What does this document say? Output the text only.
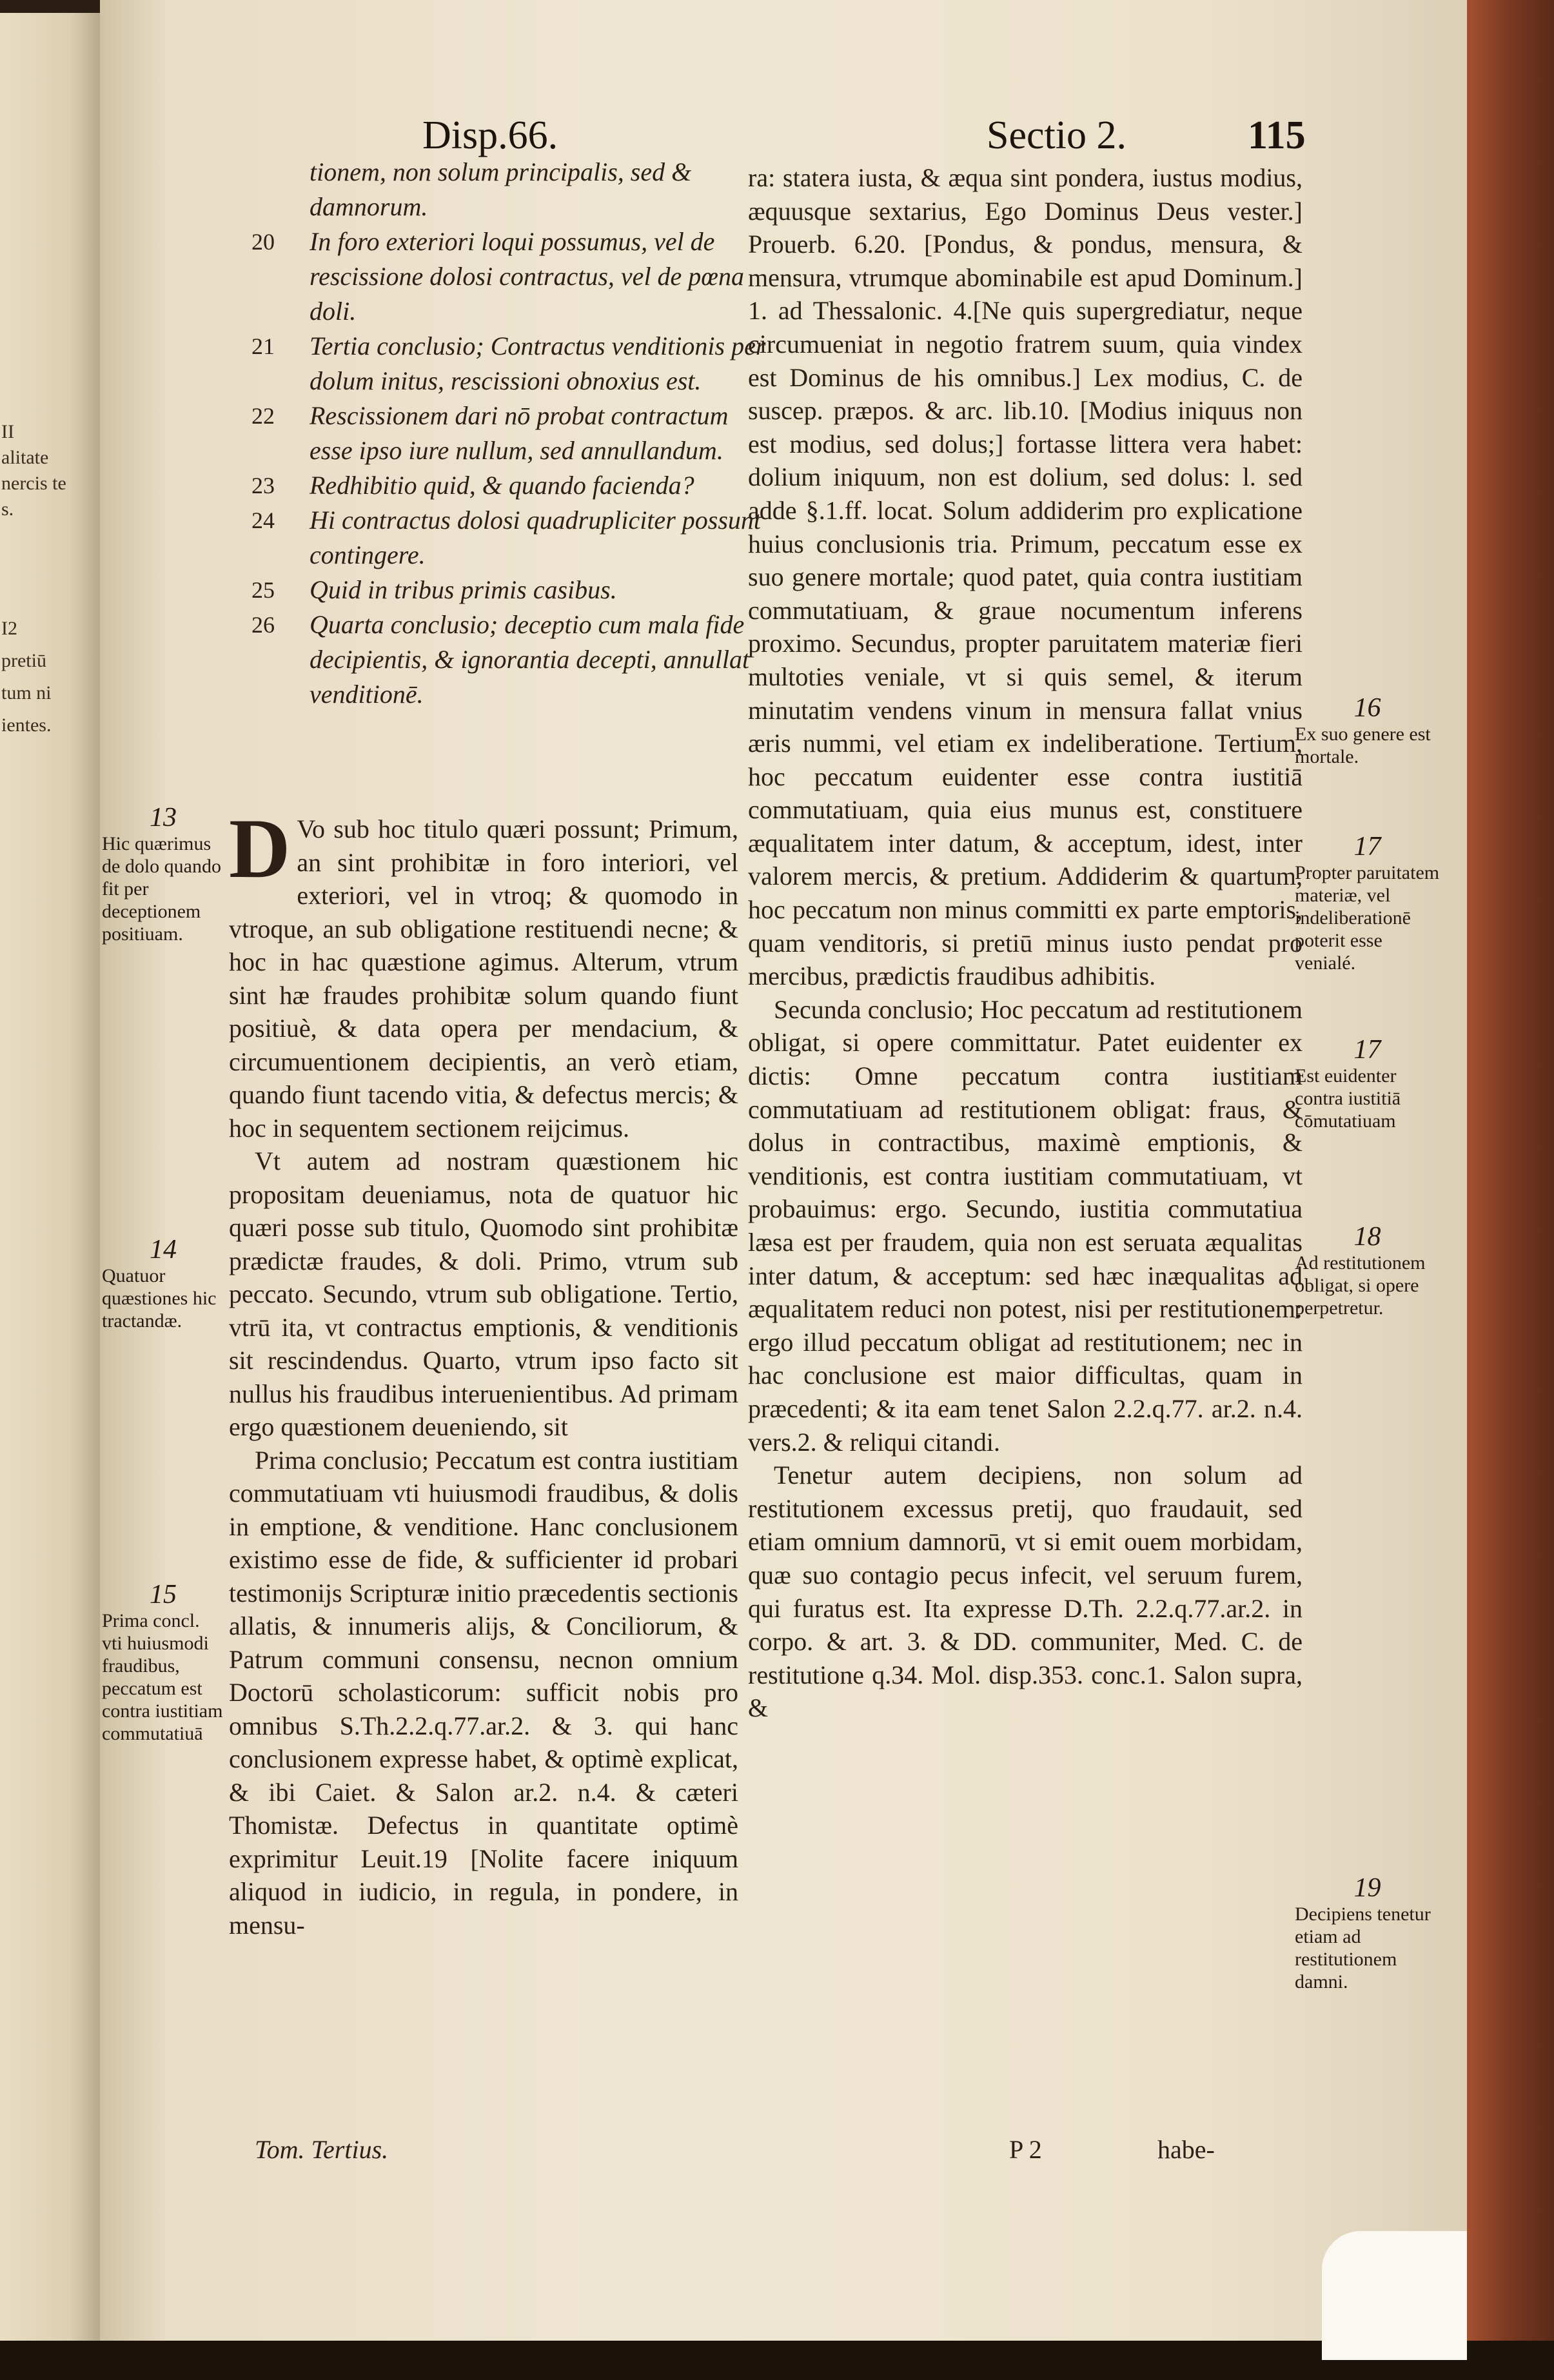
II
alitate
nercis te
s.
I2
pretiū
tum ni
ientes.
Disp.66.	Sectio 2.	115
tionem, non solum principalis, sed & damnorum.
20 In foro exteriori loqui possumus, vel de rescissione dolosi contractus, vel de pœna doli.
21 Tertia conclusio; Contractus venditionis per dolum initus, rescissioni obnoxius est.
22 Rescissionem dari nō probat contractum esse ipso iure nullum, sed annullandum.
23 Redhibitio quid, & quando facienda?
24 Hi contractus dolosi quadrupliciter possunt contingere.
25 Quid in tribus primis casibus.
26 Quarta conclusio; deceptio cum mala fide decipientis, & ignorantia decepti, annullat venditionē.

D Vo sub hoc titulo quæri possunt; Primum, an sint prohibitæ in foro interiori, vel exteriori, vel in vtroq; & quomodo in vtroque, an sub obligatione restituendi necne; & hoc in hac quæstione agimus. Alterum, vtrum sint hæ fraudes prohibitæ solum quando fiunt positiuè, & data opera per mendacium, & circumuentionem decipientis, an verò etiam, quando fiunt tacendo vitia, & defectus mercis; & hoc in sequentem sectionem reijcimus.

Vt autem ad nostram quæstionem hic propositam deueniamus, nota de quatuor hic quæri posse sub titulo, Quomodo sint prohibitæ prædictæ fraudes, & doli. Primo, vtrum sub peccato. Secundo, vtrum sub obligatione. Tertio, vtrū ita, vt contractus emptionis, & venditionis sit rescindendus. Quarto, vtrum ipso facto sit nullus his fraudibus interuenientibus. Ad primam ergo quæstionem deueniendo, sit

Prima conclusio; Peccatum est contra iustitiam commutatiuam vti huiusmodi fraudibus, & dolis in emptione, & venditione. Hanc conclusionem existimo esse de fide, & sufficienter id probari testimonijs Scripturæ initio præcedentis sectionis allatis, & innumeris alijs, & Conciliorum, & Patrum communi consensu, necnon omnium Doctorū scholasticorum: sufficit nobis pro omnibus S.Th.2.2.q.77.ar.2. & 3. qui hanc conclusionem expresse habet, & optimè explicat, & ibi Caiet. & Salon ar.2. n.4. & cæteri Thomistæ. Defectus in quantitate optimè exprimitur Leuit.19 [Nolite facere iniquum aliquod in iudicio, in regula, in pondere, in mensu-

ra: statera iusta, & æqua sint pondera, iustus modius, æquusque sextarius, Ego Dominus Deus vester.] Prouerb. 6.20. [Pondus, & pondus, mensura, & mensura, vtrumque abominabile est apud Dominum.] 1. ad Thessalonic. 4.[Ne quis supergrediatur, neque circumueniat in negotio fratrem suum, quia vindex est Dominus de his omnibus.] Lex modius, C. de suscep. præpos. & arc. lib.10. [Modius iniquus non est modius, sed dolus;] fortasse littera vera habet: dolium iniquum, non est dolium, sed dolus: l. sed adde §.1.ff. locat. Solum addiderim pro explicatione huius conclusionis tria. Primum, peccatum esse ex suo genere mortale; quod patet, quia contra iustitiam commutatiuam, & graue nocumentum inferens proximo. Secundus, propter paruitatem materiæ fieri multoties veniale, vt si quis semel, & iterum minutatim vendens vinum in mensura fallat vnius æris nummi, vel etiam ex indeliberatione. Tertium, hoc peccatum euidenter esse contra iustitiā commutatiuam, quia eius munus est, constituere æqualitatem inter datum, & acceptum, idest, inter valorem mercis, & pretium. Addiderim & quartum, hoc peccatum non minus committi ex parte emptoris, quam venditoris, si pretiū minus iusto pendat pro mercibus, prædictis fraudibus adhibitis.

Secunda conclusio; Hoc peccatum ad restitutionem obligat, si opere committatur. Patet euidenter ex dictis: Omne peccatum contra iustitiam commutatiuam ad restitutionem obligat: fraus, & dolus in contractibus, maximè emptionis, & venditionis, est contra iustitiam commutatiuam, vt probauimus: ergo. Secundo, iustitia commutatiua læsa est per fraudem, quia non est seruata æqualitas inter datum, & acceptum: sed hæc inæqualitas ad æqualitatem reduci non potest, nisi per restitutionem: ergo illud peccatum obligat ad restitutionem; nec in hac conclusione est maior difficultas, quam in præcedenti; & ita eam tenet Salon 2.2.q.77. ar.2. n.4. vers.2. & reliqui citandi.

Tenetur autem decipiens, non solum ad restitutionem excessus pretij, quo fraudauit, sed etiam omnium damnorū, vt si emit ouem morbidam, quæ suo contagio pecus infecit, vel seruum furem, qui furatus est. Ita expresse D.Th. 2.2.q.77.ar.2. in corpo. & art. 3. & DD. communiter, Med. C. de restitutione q.34. Mol. disp.353. conc.1. Salon supra, &

13
Hic quærimus de dolo quando fit per deceptionem positiuam.
14
Quatuor quæstiones hic tractandæ.
15
Prima concl. vti huiusmodi fraudibus, peccatum est contra iustitiam commutatiuā
16
Ex suo genere est mortale.
17
Propter paruitatem materiæ, vel indeliberationē poterit esse venialé.
17
Est euidenter contra iustitiā cōmutatiuam
18
Ad restitutionem obligat, si opere perpetretur.
19
Decipiens tenetur etiam ad restitutionem damni.
Tom. Tertius.	P 2	habe-
